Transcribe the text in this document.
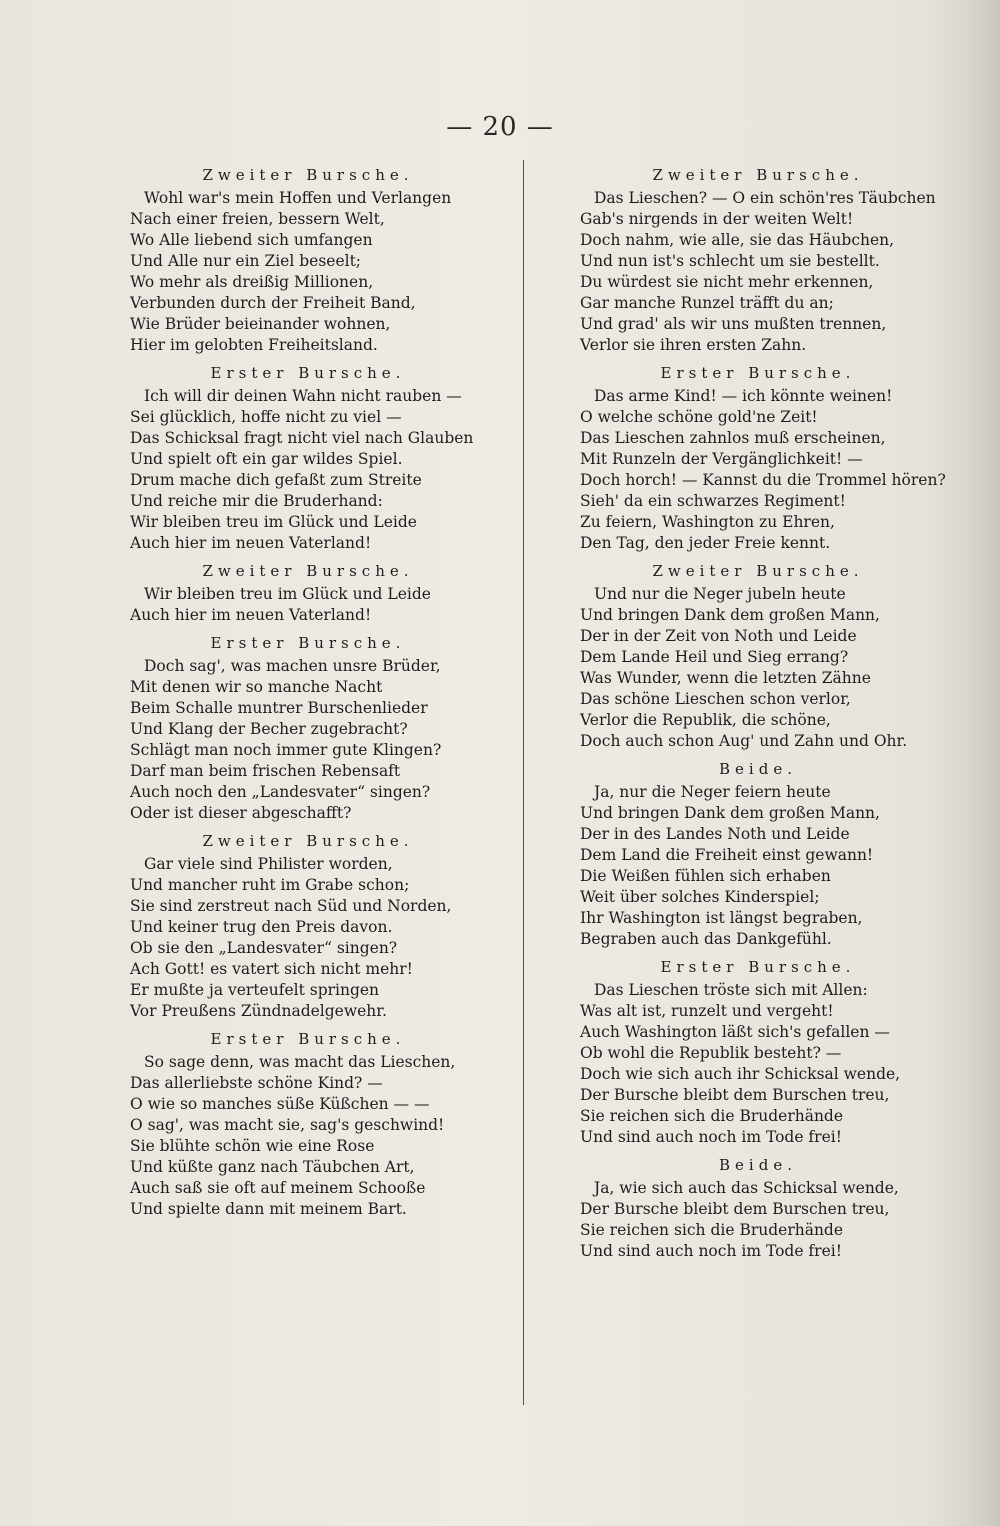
— 20 —
Zweiter Bursche.
Wohl war's mein Hoffen und Verlangen
Nach einer freien, bessern Welt,
Wo Alle liebend sich umfangen
Und Alle nur ein Ziel beseelt;
Wo mehr als dreißig Millionen,
Verbunden durch der Freiheit Band,
Wie Brüder beieinander wohnen,
Hier im gelobten Freiheitsland.
Erster Bursche.
Ich will dir deinen Wahn nicht rauben —
Sei glücklich, hoffe nicht zu viel —
Das Schicksal fragt nicht viel nach Glauben
Und spielt oft ein gar wildes Spiel.
Drum mache dich gefaßt zum Streite
Und reiche mir die Bruderhand:
Wir bleiben treu im Glück und Leide
Auch hier im neuen Vaterland!
Zweiter Bursche.
Wir bleiben treu im Glück und Leide
Auch hier im neuen Vaterland!
Erster Bursche.
Doch sag', was machen unsre Brüder,
Mit denen wir so manche Nacht
Beim Schalle muntrer Burschenlieder
Und Klang der Becher zugebracht?
Schlägt man noch immer gute Klingen?
Darf man beim frischen Rebensaft
Auch noch den „Landesvater“ singen?
Oder ist dieser abgeschafft?
Zweiter Bursche.
Gar viele sind Philister worden,
Und mancher ruht im Grabe schon;
Sie sind zerstreut nach Süd und Norden,
Und keiner trug den Preis davon.
Ob sie den „Landesvater“ singen?
Ach Gott! es vatert sich nicht mehr!
Er mußte ja verteufelt springen
Vor Preußens Zündnadelgewehr.
Erster Bursche.
So sage denn, was macht das Lieschen,
Das allerliebste schöne Kind? —
O wie so manches süße Küßchen — —
O sag', was macht sie, sag's geschwind!
Sie blühte schön wie eine Rose
Und küßte ganz nach Täubchen Art,
Auch saß sie oft auf meinem Schooße
Und spielte dann mit meinem Bart.
Zweiter Bursche.
Das Lieschen? — O ein schön'res Täubchen
Gab's nirgends in der weiten Welt!
Doch nahm, wie alle, sie das Häubchen,
Und nun ist's schlecht um sie bestellt.
Du würdest sie nicht mehr erkennen,
Gar manche Runzel träfft du an;
Und grad' als wir uns mußten trennen,
Verlor sie ihren ersten Zahn.
Erster Bursche.
Das arme Kind! — ich könnte weinen!
O welche schöne gold'ne Zeit!
Das Lieschen zahnlos muß erscheinen,
Mit Runzeln der Vergänglichkeit! —
Doch horch! — Kannst du die Trommel hören?
Sieh' da ein schwarzes Regiment!
Zu feiern, Washington zu Ehren,
Den Tag, den jeder Freie kennt.
Zweiter Bursche.
Und nur die Neger jubeln heute
Und bringen Dank dem großen Mann,
Der in der Zeit von Noth und Leide
Dem Lande Heil und Sieg errang?
Was Wunder, wenn die letzten Zähne
Das schöne Lieschen schon verlor,
Verlor die Republik, die schöne,
Doch auch schon Aug' und Zahn und Ohr.
Beide.
Ja, nur die Neger feiern heute
Und bringen Dank dem großen Mann,
Der in des Landes Noth und Leide
Dem Land die Freiheit einst gewann!
Die Weißen fühlen sich erhaben
Weit über solches Kinderspiel;
Ihr Washington ist längst begraben,
Begraben auch das Dankgefühl.
Erster Bursche.
Das Lieschen tröste sich mit Allen:
Was alt ist, runzelt und vergeht!
Auch Washington läßt sich's gefallen —
Ob wohl die Republik besteht? —
Doch wie sich auch ihr Schicksal wende,
Der Bursche bleibt dem Burschen treu,
Sie reichen sich die Bruderhände
Und sind auch noch im Tode frei!
Beide.
Ja, wie sich auch das Schicksal wende,
Der Bursche bleibt dem Burschen treu,
Sie reichen sich die Bruderhände
Und sind auch noch im Tode frei!
